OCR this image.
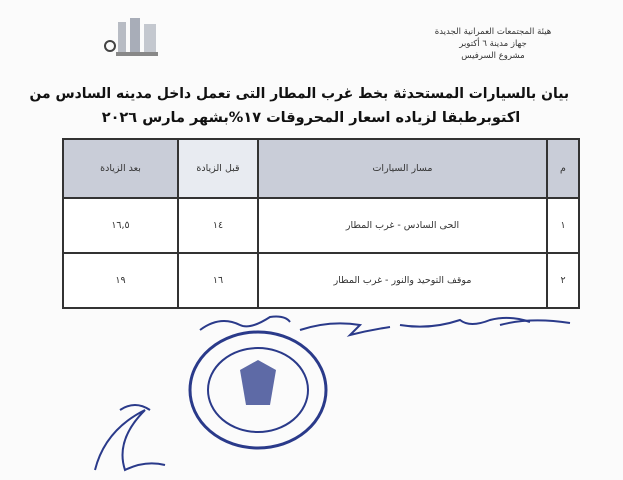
هيئة المجتمعات العمرانية الجديدة
جهاز مدينة ٦ أكتوبر
مشروع السرفيس
بيان بالسيارات المستحدثة بخط غرب المطار التى تعمل داخل مدينه السادس من
اكتوبرطبقا لزياده اسعار المحروقات ١٧%بشهر مارس ٢٠٢٦
م	مسار السيارات	قبل الزيادة	بعد الزيادة
١	الحى السادس - غرب المطار	١٤	١٦,٥
٢	موقف التوحيد والنور - غرب المطار	١٦	١٩
